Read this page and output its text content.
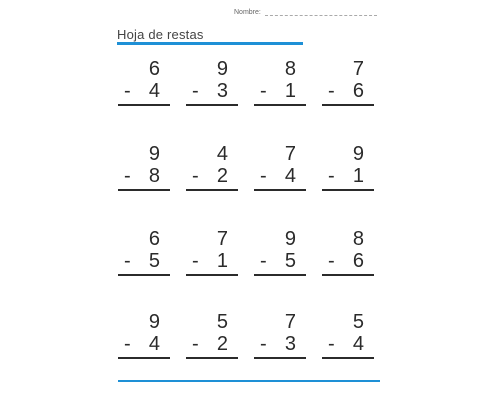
Nombre:
Hoja de restas
6
- 4
9
- 3
8
- 1
7
- 6
9
- 8
4
- 2
7
- 4
9
- 1
6
- 5
7
- 1
9
- 5
8
- 6
9
- 4
5
- 2
7
- 3
5
- 4
